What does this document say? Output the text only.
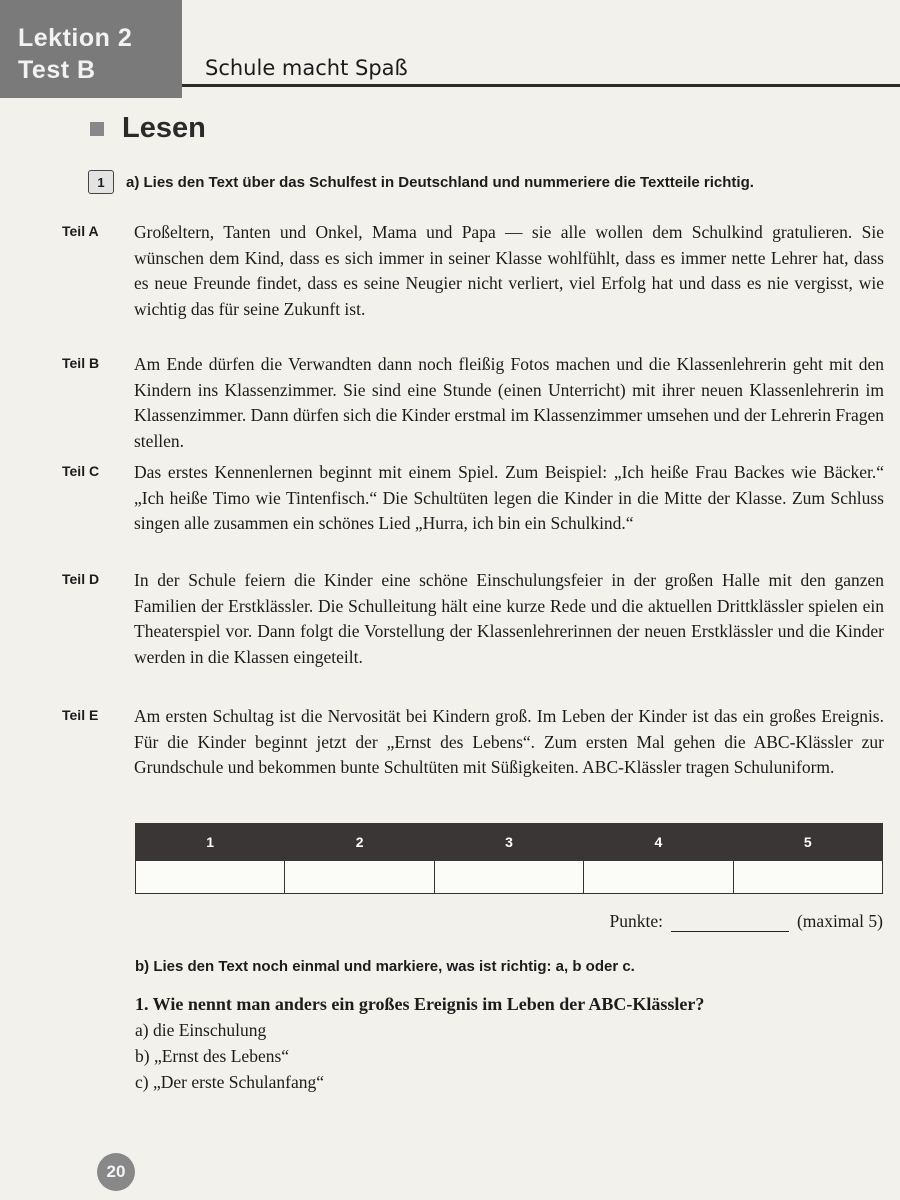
Lektion 2
Test B	Schule macht Spaß
Lesen
1	a) Lies den Text über das Schulfest in Deutschland und nummeriere die Textteile richtig.
Teil A	Großeltern, Tanten und Onkel, Mama und Papa — sie alle wollen dem Schulkind gratulieren. Sie wünschen dem Kind, dass es sich immer in seiner Klasse wohlfühlt, dass es immer nette Lehrer hat, dass es neue Freunde findet, dass es seine Neugier nicht verliert, viel Erfolg hat und dass es nie vergisst, wie wichtig das für seine Zukunft ist.
Teil B	Am Ende dürfen die Verwandten dann noch fleißig Fotos machen und die Klassenlehrerin geht mit den Kindern ins Klassenzimmer. Sie sind eine Stunde (einen Unterricht) mit ihrer neuen Klassenlehrerin im Klassenzimmer. Dann dürfen sich die Kinder erstmal im Klassenzimmer umsehen und der Lehrerin Fragen stellen.
Teil C	Das erstes Kennenlernen beginnt mit einem Spiel. Zum Beispiel: „Ich heiße Frau Backes wie Bäcker.“ „Ich heiße Timo wie Tintenfisch.“ Die Schultüten legen die Kinder in die Mitte der Klasse. Zum Schluss singen alle zusammen ein schönes Lied „Hurra, ich bin ein Schulkind.“
Teil D	In der Schule feiern die Kinder eine schöne Einschulungsfeier in der großen Halle mit den ganzen Familien der Erstklässler. Die Schulleitung hält eine kurze Rede und die aktuellen Drittklässler spielen ein Theaterspiel vor. Dann folgt die Vorstellung der Klassenlehrerinnen der neuen Erstklässler und die Kinder werden in die Klassen eingeteilt.
Teil E	Am ersten Schultag ist die Nervosität bei Kindern groß. Im Leben der Kinder ist das ein großes Ereignis. Für die Kinder beginnt jetzt der „Ernst des Lebens“. Zum ersten Mal gehen die ABC-Klässler zur Grundschule und bekommen bunte Schultüten mit Süßigkeiten. ABC-Klässler tragen Schuluniform.
1	2	3	4	5

Punkte:	(maximal 5)
b) Lies den Text noch einmal und markiere, was ist richtig: a, b oder c.
1. Wie nennt man anders ein großes Ereignis im Leben der ABC-Klässler?
a) die Einschulung
b) „Ernst des Lebens“
c) „Der erste Schulanfang“
20
